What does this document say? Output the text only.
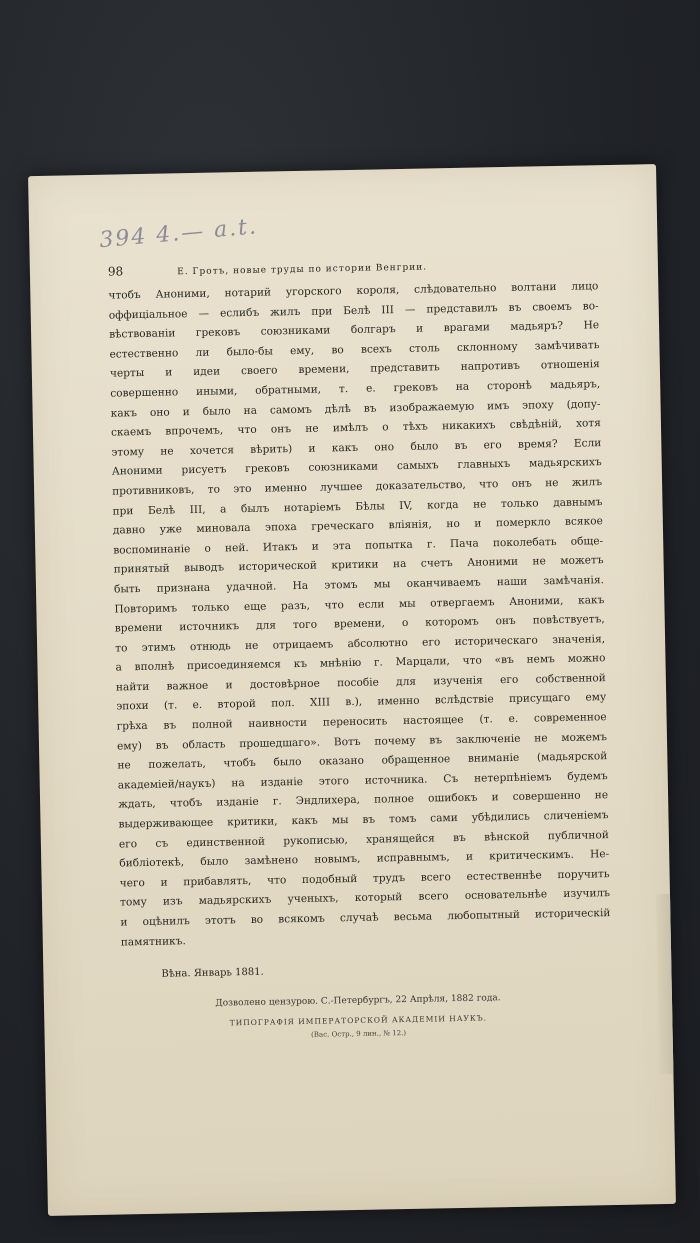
394 4.— a.t.
98	Е. Гротъ, новые труды по истории Венгрии.
чтобъ Аноними, нотарий угорского короля, слѣдовательно волтани лицо
оффиціальное — еслибъ жилъ при Белѣ III — представилъ въ своемъ во-
вѣствованіи грековъ союзниками болгаръ и врагами мадьяръ? Не
естественно ли было-бы ему, во всехъ столь склонному замѣчивать
черты и идеи своего времени, представить напротивъ отношенія
совершенно иными, обратными, т. е. грековъ на сторонѣ мадьяръ,
какъ оно и было на самомъ дѣлѣ въ изображаемую имъ эпоху (допу-
скаемъ впрочемъ, что онъ не имѣлъ о тѣхъ никакихъ свѣдѣній, хотя
этому не хочется вѣрить) и какъ оно было въ его время? Если
Аноними рисуетъ грековъ союзниками самыхъ главныхъ мадьярскихъ
противниковъ, то это именно лучшее доказательство, что онъ не жилъ
при Белѣ III, а былъ нотаріемъ Бѣлы IV, когда не только давнымъ
давно уже миновала эпоха греческаго вліянія, но и померкло всякое
воспоминаніе о ней. Итакъ и эта попытка г. Пача поколебать обще-
принятый выводъ исторической критики на счетъ Аноними не можетъ
быть признана удачной. На этомъ мы оканчиваемъ наши замѣчанія.
Повторимъ только еще разъ, что если мы отвергаемъ Аноними, какъ
времени источникъ для того времени, о которомъ онъ повѣствуетъ,
то этимъ отнюдь не отрицаемъ абсолютно его историческаго значенія,
а вполнѣ присоединяемся къ мнѣнію г. Марцали, что «въ немъ можно
найти важное и достовѣрное пособіе для изученія его собственной
эпохи (т. е. второй пол. XIII в.), именно вслѣдствіе присущаго ему
грѣха въ полной наивности переносить настоящее (т. е. современное
ему) въ область прошедшаго». Вотъ почему въ заключеніе не можемъ
не пожелать, чтобъ было оказано обращенное вниманіе (мадьярской
академіей/наукъ) на изданіе этого источника. Съ нетерпѣніемъ будемъ
ждать, чтобъ изданіе г. Эндлихера, полное ошибокъ и совершенно не
выдерживающее критики, какъ мы въ томъ сами убѣдились сличеніемъ
его съ единственной рукописью, хранящейся въ вѣнской публичной
библіотекѣ, было замѣнено новымъ, исправнымъ, и критическимъ. Не-
чего и прибавлять, что подобный трудъ всего естественнѣе поручить
тому изъ мадьярскихъ ученыхъ, который всего основательнѣе изучилъ
и оцѣнилъ этотъ во всякомъ случаѣ весьма любопытный историческій
памятникъ.
Вѣна. Январь 1881.
Дозволено цензурою. С.-Петербургъ, 22 Апрѣля, 1882 года.
ТИПОГРАФІЯ ИМПЕРАТОРСКОЙ АКАДЕМІИ НАУКЪ.
(Вас. Остр., 9 лин., № 12.)
